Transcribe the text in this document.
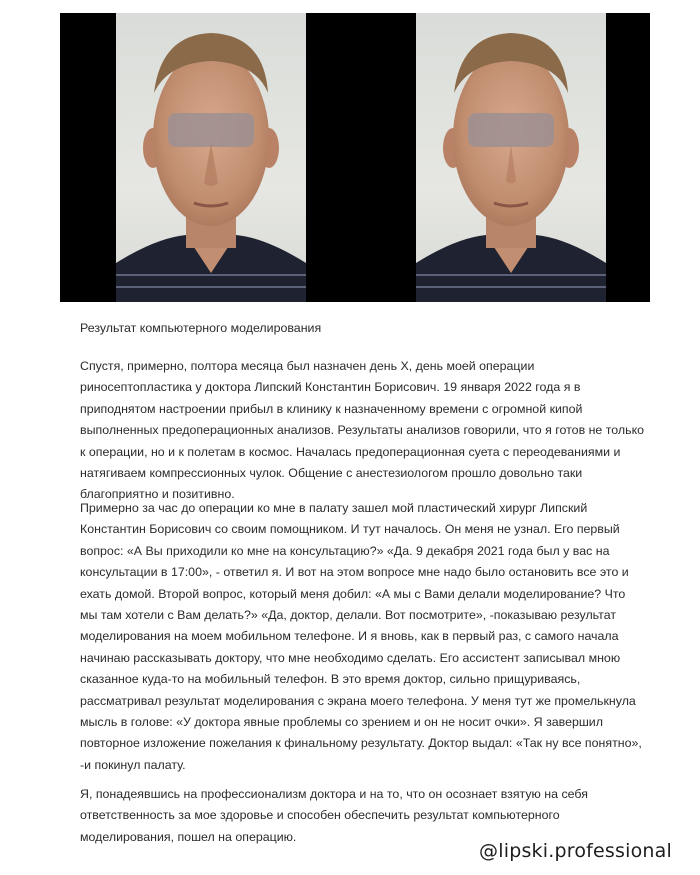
Результат компьютерного моделирования

Спустя, примерно, полтора месяца был назначен день Х, день моей операции риносептопластика у доктора Липский Константин Борисович. 19 января 2022 года я в приподнятом настроении прибыл в клинику к назначенному времени с огромной кипой выполненных предоперационных анализов. Результаты анализов говорили, что я готов не только к операции, но и к полетам в космос. Началась предоперационная суета с переодеваниями и натягиваем компрессионных чулок. Общение с анестезиологом прошло довольно таки благоприятно и позитивно.

Примерно за час до операции ко мне в палату зашел мой пластический хирург Липский Константин Борисович со своим помощником. И тут началось. Он меня не узнал. Его первый вопрос: «А Вы приходили ко мне на консультацию?» «Да. 9 декабря 2021 года был у вас на консультации в 17:00», - ответил я. И вот на этом вопросе мне надо было остановить все это и ехать домой. Второй вопрос, который меня добил: «А мы с Вами делали моделирование? Что мы там хотели с Вам делать?» «Да, доктор, делали. Вот посмотрите», -показываю результат моделирования на моем мобильном телефоне. И я вновь, как в первый раз, с самого начала начинаю рассказывать доктору, что мне необходимо сделать. Его ассистент записывал мною сказанное куда-то на мобильный телефон. В это время доктор, сильно прищуриваясь, рассматривал результат моделирования с экрана моего телефона. У меня тут же промелькнула мысль в голове: «У доктора явные проблемы со зрением и он не носит очки». Я завершил повторное изложение пожелания к финальному результату. Доктор выдал: «Так ну все понятно», -и покинул палату.

Я, понадеявшись на профессионализм доктора и на то, что он осознает взятую на себя ответственность за мое здоровье и способен обеспечить результат компьютерного моделирования, пошел на операцию.

@lipski.professional
